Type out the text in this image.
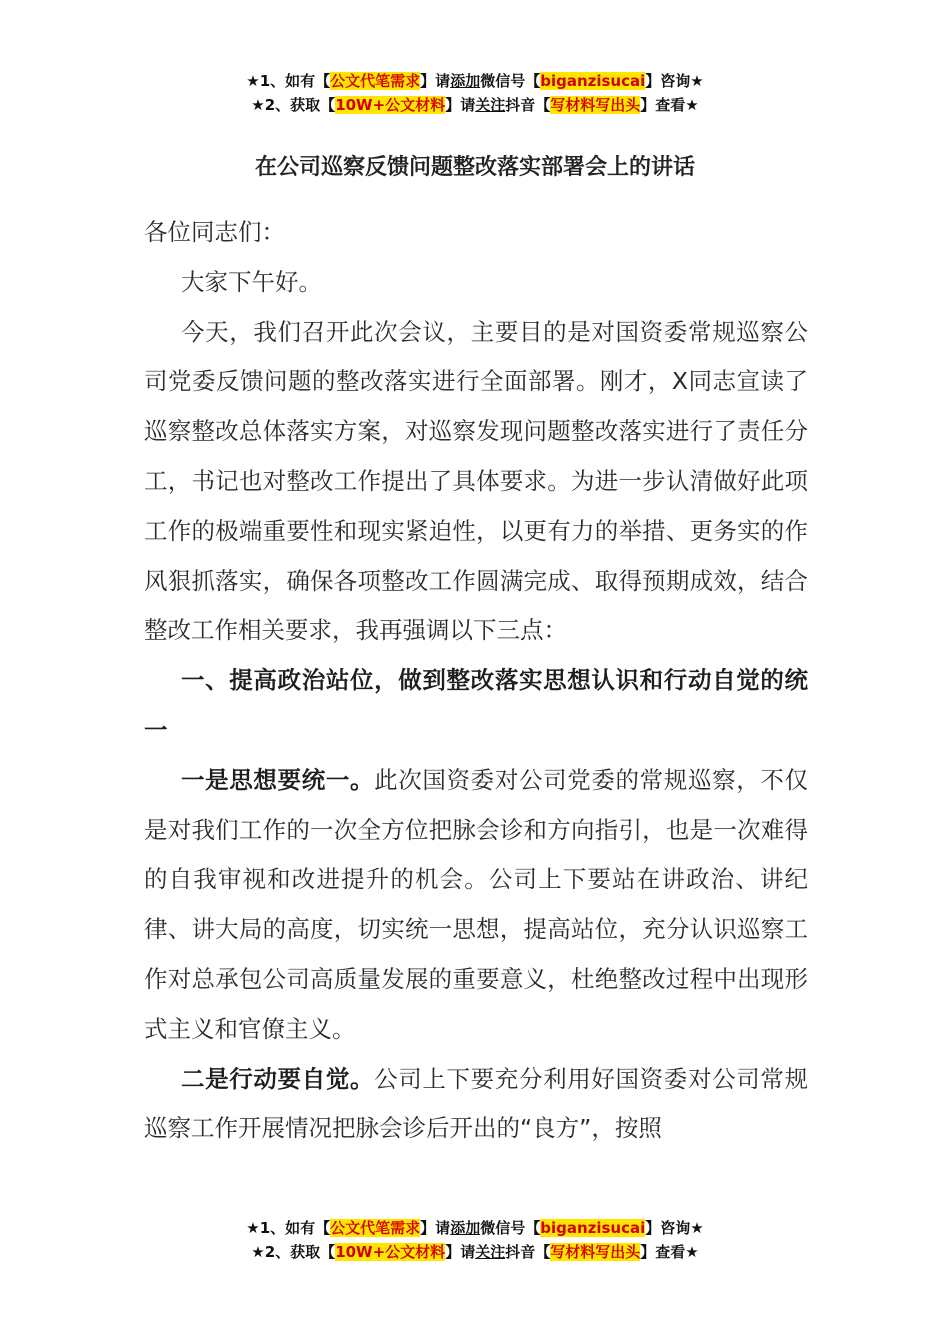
★1、如有【公文代笔需求】请添加微信号【biganzisucai】咨询★
★2、获取【10W+公文材料】请关注抖音【写材料写出头】查看★
在公司巡察反馈问题整改落实部署会上的讲话

各位同志们：

大家下午好。

今天，我们召开此次会议，主要目的是对国资委常规巡察公司党委反馈问题的整改落实进行全面部署。刚才，X同志宣读了巡察整改总体落实方案，对巡察发现问题整改落实进行了责任分工，书记也对整改工作提出了具体要求。为进一步认清做好此项工作的极端重要性和现实紧迫性，以更有力的举措、更务实的作风狠抓落实，确保各项整改工作圆满完成、取得预期成效，结合整改工作相关要求，我再强调以下三点：

一、提高政治站位，做到整改落实思想认识和行动自觉的统一

一是思想要统一。此次国资委对公司党委的常规巡察，不仅是对我们工作的一次全方位把脉会诊和方向指引，也是一次难得的自我审视和改进提升的机会。公司上下要站在讲政治、讲纪律、讲大局的高度，切实统一思想，提高站位，充分认识巡察工作对总承包公司高质量发展的重要意义，杜绝整改过程中出现形式主义和官僚主义。

二是行动要自觉。公司上下要充分利用好国资委对公司常规巡察工作开展情况把脉会诊后开出的“良方”，按照

★1、如有【公文代笔需求】请添加微信号【biganzisucai】咨询★
★2、获取【10W+公文材料】请关注抖音【写材料写出头】查看★
